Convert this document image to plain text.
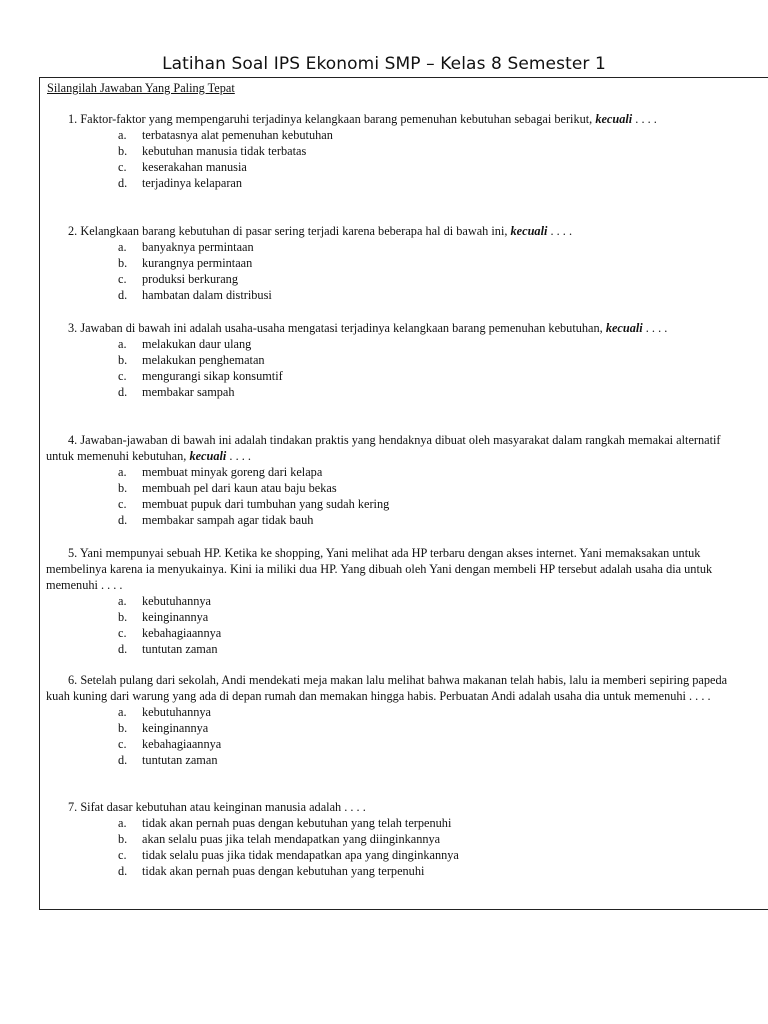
Latihan Soal IPS Ekonomi SMP – Kelas 8 Semester 1
Silangilah Jawaban Yang Paling Tepat

1. Faktor-faktor yang mempengaruhi terjadinya kelangkaan barang pemenuhan kebutuhan sebagai berikut, kecuali . . . .

a. terbatasnya alat pemenuhan kebutuhan
b. kebutuhan manusia tidak terbatas
c. keserakahan manusia
d. terjadinya kelaparan

2. Kelangkaan barang kebutuhan di pasar sering terjadi karena beberapa hal di bawah ini, kecuali . . . .

a. banyaknya permintaan
b. kurangnya permintaan
c. produksi berkurang
d. hambatan dalam distribusi

3. Jawaban di bawah ini adalah usaha-usaha mengatasi terjadinya kelangkaan barang pemenuhan kebutuhan, kecuali . . . .

a. melakukan daur ulang
b. melakukan penghematan
c. mengurangi sikap konsumtif
d. membakar sampah

4. Jawaban-jawaban di bawah ini adalah tindakan praktis yang hendaknya dibuat oleh masyarakat dalam rangkah memakai alternatif untuk memenuhi kebutuhan, kecuali . . . .

a. membuat minyak goreng dari kelapa
b. membuah pel dari kaun atau baju bekas
c. membuat pupuk dari tumbuhan yang sudah kering
d. membakar sampah agar tidak bauh

5. Yani mempunyai sebuah HP. Ketika ke shopping, Yani melihat ada HP terbaru dengan akses internet. Yani memaksakan untuk membelinya karena ia menyukainya. Kini ia miliki dua HP. Yang dibuah oleh Yani dengan membeli HP tersebut adalah usaha dia untuk memenuhi . . . .

a. kebutuhannya
b. keinginannya
c. kebahagiaannya
d. tuntutan zaman

6. Setelah pulang dari sekolah, Andi mendekati meja makan lalu melihat bahwa makanan telah habis, lalu ia memberi sepiring papeda kuah kuning dari warung yang ada di depan rumah dan memakan hingga habis. Perbuatan Andi adalah usaha dia untuk memenuhi . . . .

a. kebutuhannya
b. keinginannya
c. kebahagiaannya
d. tuntutan zaman

7. Sifat dasar kebutuhan atau keinginan manusia adalah . . . .

a. tidak akan pernah puas dengan kebutuhan yang telah terpenuhi
b. akan selalu puas jika telah mendapatkan yang diinginkannya
c. tidak selalu puas jika tidak mendapatkan apa yang dinginkannya
d. tidak akan pernah puas dengan kebutuhan yang terpenuhi
